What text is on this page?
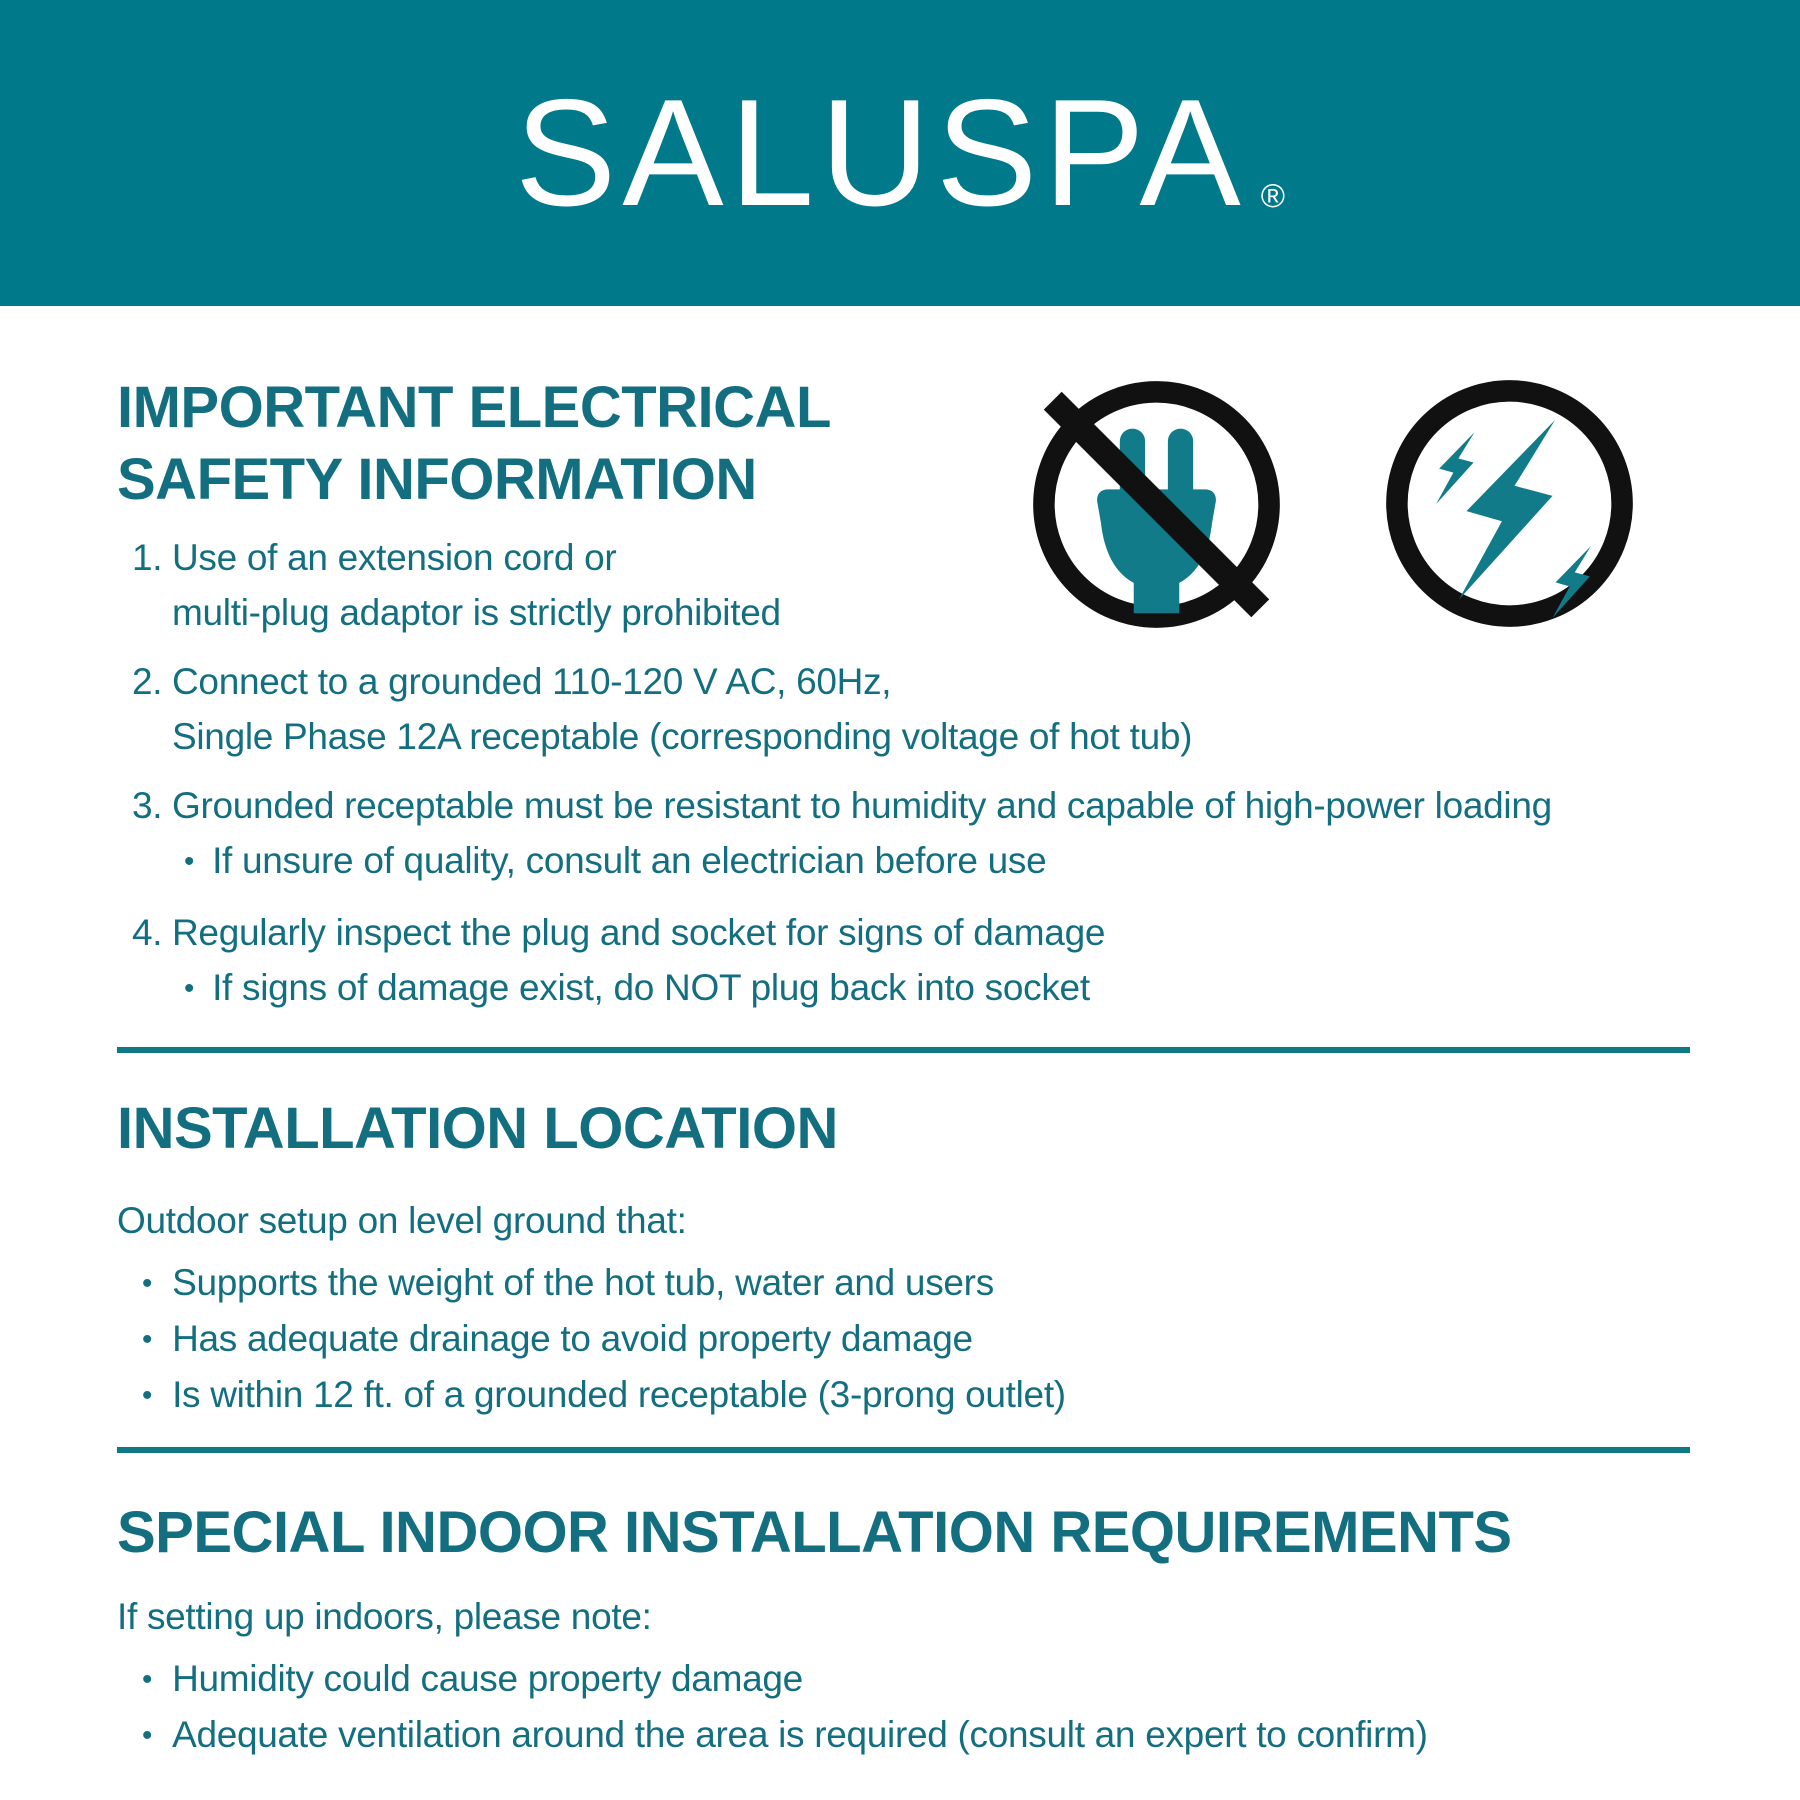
SALUSPA ®
IMPORTANT ELECTRICAL
SAFETY INFORMATION
1. Use of an extension cord or
multi-plug adaptor is strictly prohibited
2. Connect to a grounded 110-120 V AC, 60Hz,
Single Phase 12A receptable (corresponding voltage of hot tub)
3. Grounded receptable must be resistant to humidity and capable of high-power loading
• If unsure of quality, consult an electrician before use
4. Regularly inspect the plug and socket for signs of damage
• If signs of damage exist, do NOT plug back into socket
INSTALLATION LOCATION
Outdoor setup on level ground that:
• Supports the weight of the hot tub, water and users
• Has adequate drainage to avoid property damage
• Is within 12 ft. of a grounded receptable (3-prong outlet)
SPECIAL INDOOR INSTALLATION REQUIREMENTS
If setting up indoors, please note:
• Humidity could cause property damage
• Adequate ventilation around the area is required (consult an expert to confirm)
